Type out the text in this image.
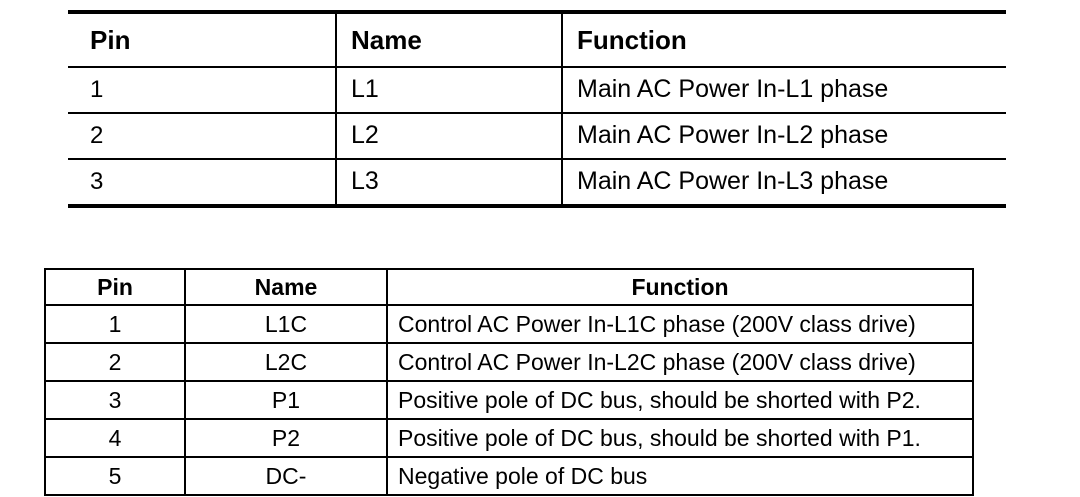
Pin	Name	Function

1	L1	Main AC Power In-L1 phase

2	L2	Main AC Power In-L2 phase

3	L3	Main AC Power In-L3 phase
Pin	Name	Function
1	L1C	Control AC Power In-L1C phase (200V class drive)
2	L2C	Control AC Power In-L2C phase (200V class drive)
3	P1	Positive pole of DC bus, should be shorted with P2.
4	P2	Positive pole of DC bus, should be shorted with P1.
5	DC-	Negative pole of DC bus
